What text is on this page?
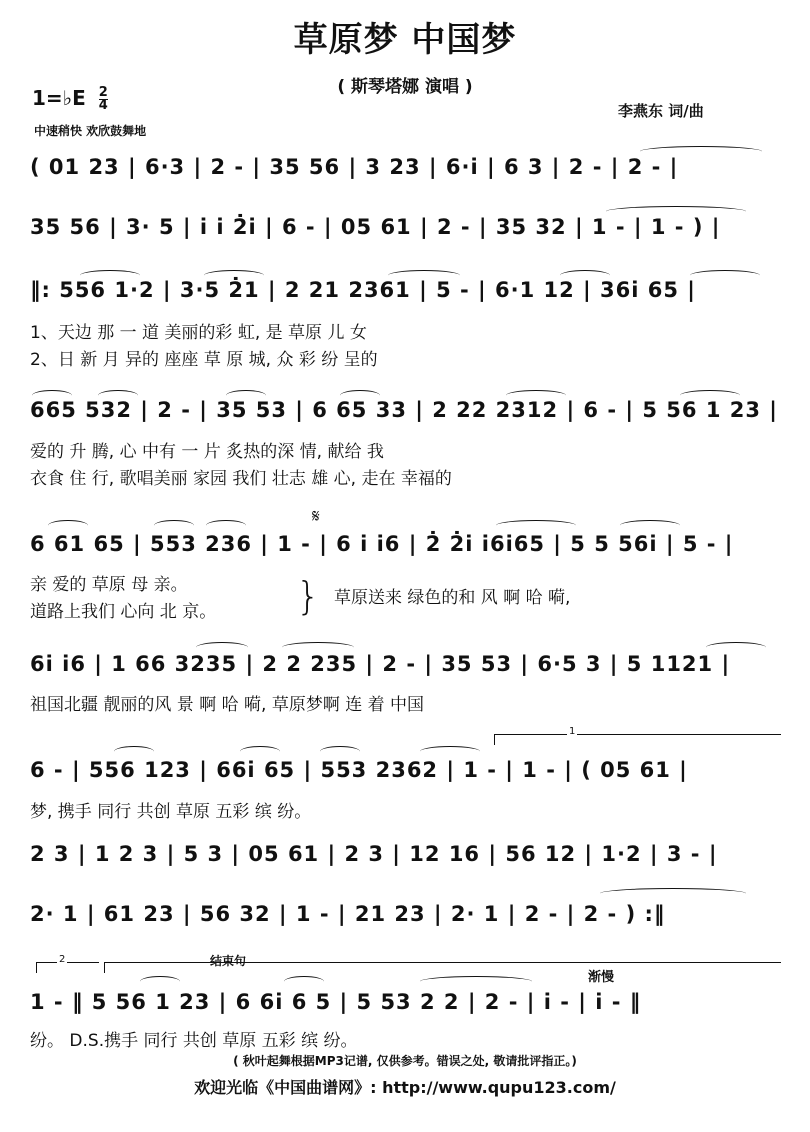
草原梦 中国梦
( 斯琴塔娜 演唱 )
1=♭E $\frac{2}{4}$
中速稍快 欢欣鼓舞地
李燕东 词/曲
( 01 23 | 6·3 | 2 - | 35 56 | 3 23 | 6·i | 6 3 | 2 - | 2 - |
35 56 | 3· 5 | i i 2̇i | 6 - | 05 61 | 2 - | 35 32 | 1 - | 1 - ) |
‖: 556 1·2 | 3·5 2̇1 | 2 21 2361 | 5 - | 6·1 12 | 36i 65 |
1、天边 那 一 道 美丽的彩 虹, 是 草原 儿 女
2、日 新 月 异的 座座 草 原 城, 众 彩 纷 呈的
665 532 | 2 - | 35 53 | 6 65 33 | 2 22 2312 | 6 - | 5 56 1 23 |
爱的 升 腾, 心 中有 一 片 炙热的深 情, 献给 我
衣食 住 行, 歌唱美丽 家园 我们 壮志 雄 心, 走在 幸福的
𝄋
6 61 65 | 553 236 | 1 - | 6 i i6 | 2̇ 2̇i i6i65 | 5 5 56i | 5 - |
亲 爱的 草原 母 亲。
道路上我们 心向 北 京。 } 草原送来 绿色的和 风 啊 哈 嗬,
6i i6 | 1 66 3235 | 2 2 235 | 2 - | 35 53 | 6·5 3 | 5 1121 |
祖国北疆 靓丽的风 景 啊 哈 嗬, 草原梦啊 连 着 中国
1
6 - | 556 123 | 66i 65 | 553 2362 | 1 - | 1 - | ( 05 61 |
梦, 携手 同行 共创 草原 五彩 缤 纷。
2 3 | 1 2 3 | 5 3 | 05 61 | 2 3 | 12 16 | 56 12 | 1·2 | 3 - |
2· 1 | 61 23 | 56 32 | 1 - | 21 23 | 2· 1 | 2 - | 2 - ) :‖
2	结束句
渐慢
1 - ‖ 5 56 1 23 | 6 6i 6 5 | 5 53 2 2 | 2 - | i - | i - ‖
纷。 D.S.携手 同行 共创 草原 五彩 缤 纷。
( 秋叶起舞根据MP3记谱, 仅供参考。错误之处, 敬请批评指正。)
欢迎光临《中国曲谱网》: http://www.qupu123.com/
